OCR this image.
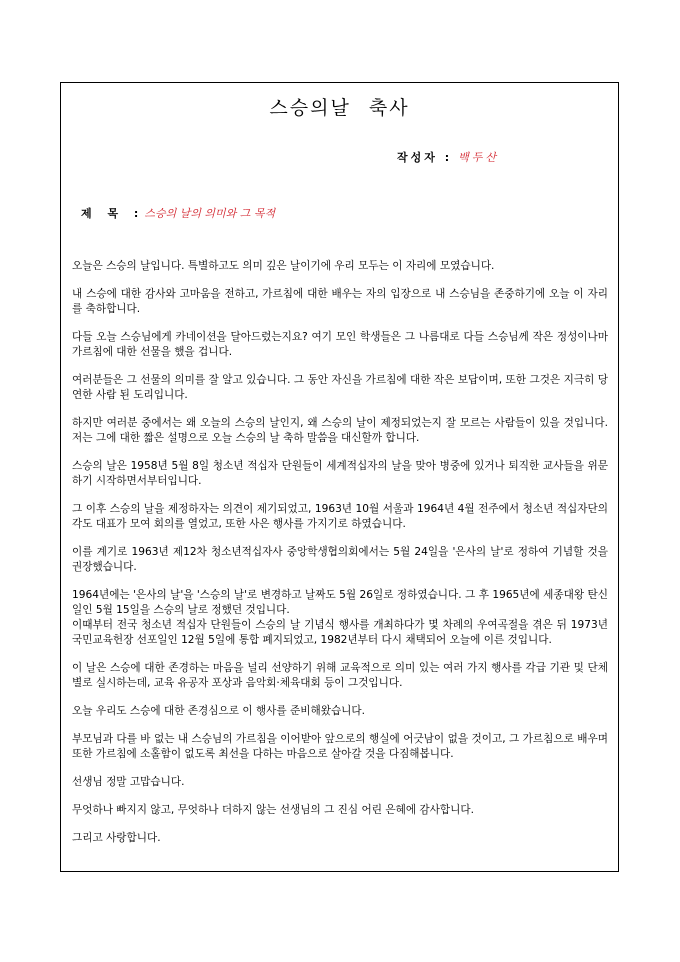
스승의날 축사
작성자 : 백두산
제 목 : 스승의 날의 의미와 그 목적

오늘은 스승의 날입니다. 특별하고도 의미 깊은 날이기에 우리 모두는 이 자리에 모였습니다.

내 스승에 대한 감사와 고마움을 전하고, 가르침에 대한 배우는 자의 입장으로 내 스승님을 존중하기에 오늘 이 자리를 축하합니다.

다들 오늘 스승님에게 카네이션을 달아드렸는지요? 여기 모인 학생들은 그 나름대로 다들 스승님께 작은 정성이나마 가르침에 대한 선물을 했을 겁니다.

여러분들은 그 선물의 의미를 잘 알고 있습니다. 그 동안 자신을 가르침에 대한 작은 보답이며, 또한 그것은 지극히 당연한 사람 된 도리입니다.

하지만 여러분 중에서는 왜 오늘의 스승의 날인지, 왜 스승의 날이 제정되었는지 잘 모르는 사람들이 있을 것입니다. 저는 그에 대한 짧은 설명으로 오늘 스승의 날 축하 말씀을 대신할까 합니다.

스승의 날은 1958년 5월 8일 청소년 적십자 단원들이 세계적십자의 날을 맞아 병중에 있거나 퇴직한 교사들을 위문하기 시작하면서부터입니다.

그 이후 스승의 날을 제정하자는 의견이 제기되었고, 1963년 10월 서울과 1964년 4월 전주에서 청소년 적십자단의 각도 대표가 모여 회의를 열었고, 또한 사은 행사를 가지기로 하였습니다.

이를 계기로 1963년 제12차 청소년적십자사 중앙학생협의회에서는 5월 24일을 '은사의 날'로 정하여 기념할 것을 권장했습니다.

1964년에는 '은사의 날'을 '스승의 날'로 변경하고 날짜도 5월 26일로 정하였습니다. 그 후 1965년에 세종대왕 탄신일인 5월 15일을 스승의 날로 정했던 것입니다.

이때부터 전국 청소년 적십자 단원들이 스승의 날 기념식 행사를 개최하다가 몇 차례의 우여곡절을 겪은 뒤 1973년 국민교육헌장 선포일인 12월 5일에 통합 폐지되었고, 1982년부터 다시 채택되어 오늘에 이른 것입니다.

이 날은 스승에 대한 존경하는 마음을 널리 선양하기 위해 교육적으로 의미 있는 여러 가지 행사를 각급 기관 및 단체별로 실시하는데, 교육 유공자 포상과 음악회·체육대회 등이 그것입니다.

오늘 우리도 스승에 대한 존경심으로 이 행사를 준비해왔습니다.

부모님과 다를 바 없는 내 스승님의 가르침을 이어받아 앞으로의 행실에 어긋남이 없을 것이고, 그 가르침으로 배우며 또한 가르침에 소홀함이 없도록 최선을 다하는 마음으로 살아갈 것을 다짐해봅니다.

선생님 정말 고맙습니다.

무엇하나 빠지지 않고, 무엇하나 더하지 않는 선생님의 그 진심 어린 은혜에 감사합니다.

그리고 사랑합니다.
